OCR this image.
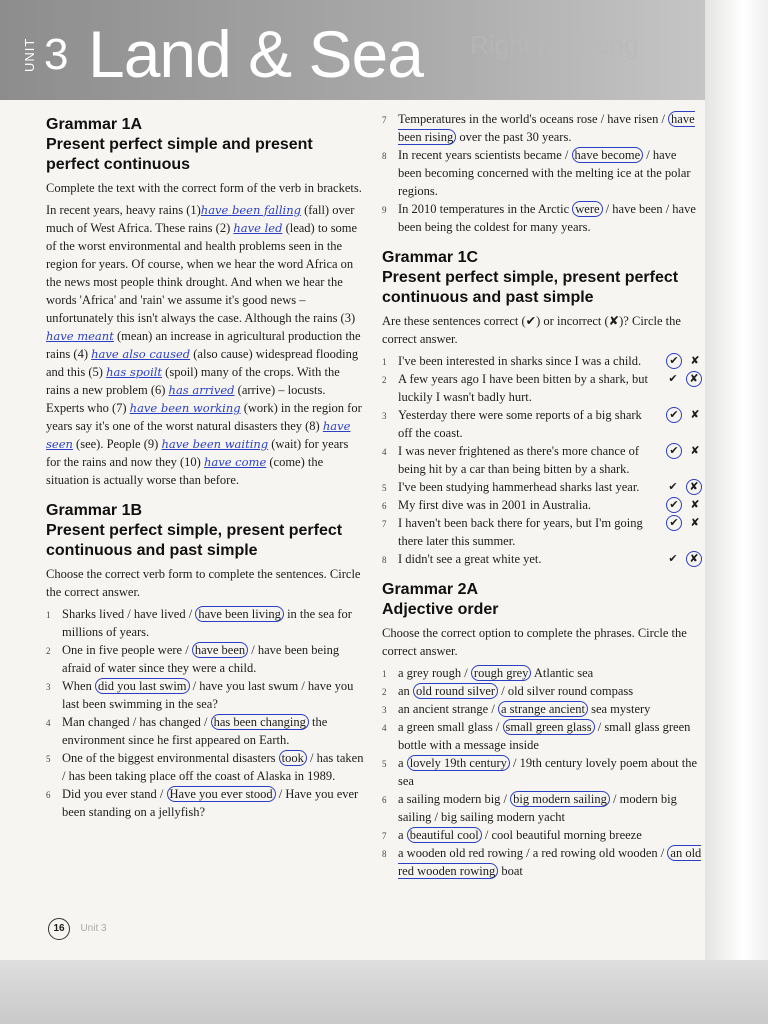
UNIT 3 Land & Sea Right & Wrong
Grammar 1A
Present perfect simple and present perfect continuous

Complete the text with the correct form of the verb in brackets.

In recent years, heavy rains (1)have been falling (fall) over much of West Africa. These rains (2) have led (lead) to some of the worst environmental and health problems seen in the region for years. Of course, when we hear the word Africa on the news most people think drought. And when we hear the words 'Africa' and 'rain' we assume it's good news – unfortunately this isn't always the case. Although the rains (3) have meant (mean) an increase in agricultural production the rains (4) have also caused (also cause) widespread flooding and this (5) has spoilt (spoil) many of the crops. With the rains a new problem (6) has arrived (arrive) – locusts. Experts who (7) have been working (work) in the region for years say it's one of the worst natural disasters they (8) have seen (see). People (9) have been waiting (wait) for years for the rains and now they (10) have come (come) the situation is actually worse than before.

Grammar 1B
Present perfect simple, present perfect continuous and past simple

Choose the correct verb form to complete the sentences. Circle the correct answer.

1 Sharks lived / have lived / have been living in the sea for millions of years.
2 One in five people were / have been / have been being afraid of water since they were a child.
3 When did you last swim / have you last swum / have you last been swimming in the sea?
4 Man changed / has changed / has been changing the environment since he first appeared on Earth.
5 One of the biggest environmental disasters took / has taken / has been taking place off the coast of Alaska in 1989.
6 Did you ever stand / Have you ever stood / Have you ever been standing on a jellyfish?
7 Temperatures in the world's oceans rose / have risen / have been rising over the past 30 years.
8 In recent years scientists became / have become / have been becoming concerned with the melting ice at the polar regions.
9 In 2010 temperatures in the Arctic were / have been / have been being the coldest for many years.
Grammar 1C
Present perfect simple, present perfect continuous and past simple

Are these sentences correct (✔) or incorrect (✘)? Circle the correct answer.

1 I've been interested in sharks since I was a child.	✔ ✘
2 A few years ago I have been bitten by a shark, but luckily I wasn't badly hurt.
✔ ✘
3 Yesterday there were some reports of a big shark off the coast.
✔ ✘
4 I was never frightened as there's more chance of being hit by a car than being bitten by a shark.
✔ ✘
5 I've been studying hammerhead sharks last year.	✔ ✘
6 My first dive was in 2001 in Australia.	✔ ✘
7 I haven't been back there for years, but I'm going there later this summer.
✔ ✘
8 I didn't see a great white yet.	✔ ✘
Grammar 2A
Adjective order

Choose the correct option to complete the phrases. Circle the correct answer.

1 a grey rough / rough grey Atlantic sea
2 an old round silver / old silver round compass
3 an ancient strange / a strange ancient sea mystery
4 a green small glass / small green glass / small glass green bottle with a message inside
5 a lovely 19th century / 19th century lovely poem about the sea
6 a sailing modern big / big modern sailing / modern big sailing / big sailing modern yacht
7 a beautiful cool / cool beautiful morning breeze
8 a wooden old red rowing / a red rowing old wooden / an old red wooden rowing boat
16 Unit 3
